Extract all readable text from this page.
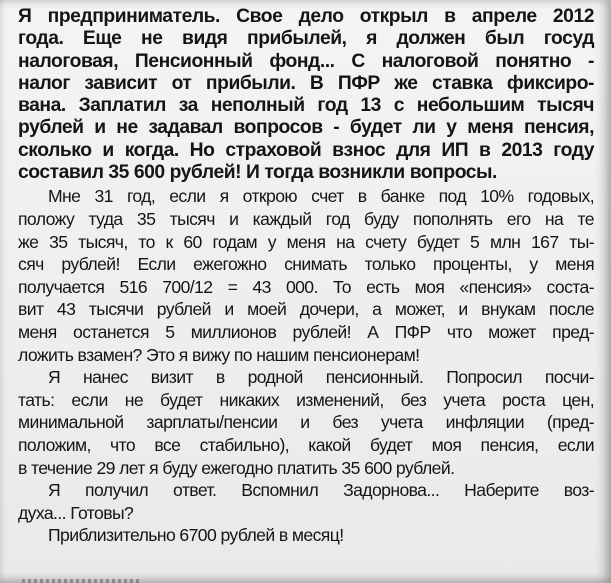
Я предприниматель. Свое дело открыл в апреле 2012
года. Еще не видя прибылей, я должен был госуд
налоговая, Пенсионный фонд... С налоговой понятно -
налог зависит от прибыли. В ПФР же ставка фиксиро-
вана. Заплатил за неполный год 13 с небольшим тысяч
рублей и не задавал вопросов - будет ли у меня пенсия,
сколько и когда. Но страховой взнос для ИП в 2013 году
составил 35 600 рублей! И тогда возникли вопросы.
Мне 31 год, если я открою счет в банке под 10% годовых,
положу туда 35 тысяч и каждый год буду пополнять его на те
же 35 тысяч, то к 60 годам у меня на счету будет 5 млн 167 ты-
сяч рублей! Если ежегожно снимать только проценты, у меня
получается 516 700/12 = 43 000. То есть моя «пенсия» соста-
вит 43 тысячи рублей и моей дочери, а может, и внукам после
меня останется 5 миллионов рублей! А ПФР что может пред-
ложить взамен? Это я вижу по нашим пенсионерам!
Я нанес визит в родной пенсионный. Попросил посчи-
тать: если не будет никаких изменений, без учета роста цен,
минимальной зарплаты/пенсии и без учета инфляции (пред-
положим, что все стабильно), какой будет моя пенсия, если
в течение 29 лет я буду ежегодно платить 35 600 рублей.
Я получил ответ. Вспомнил Задорнова... Наберите воз-
духа... Готовы?
Приблизительно 6700 рублей в месяц!
